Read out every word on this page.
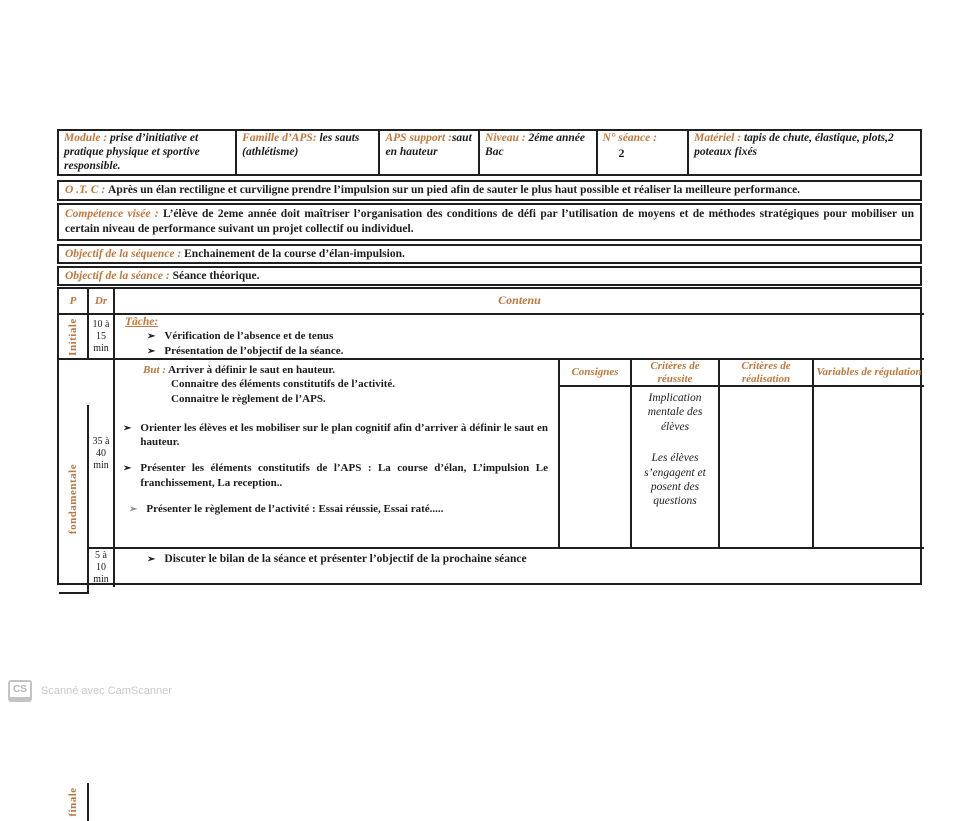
Module : prise d’initiative et pratique physique et sportive responsible.
Famille d’APS: les sauts (athlétisme)
APS support :saut en hauteur
Niveau : 2éme année Bac
N° séance :
2
Matériel : tapis de chute, élastique, plots,2 poteaux fixés
O .T. C : Après un élan rectiligne et curviligne prendre l’impulsion sur un pied afin de sauter le plus haut possible et réaliser la meilleure performance.
Compétence visée : L’élève de 2eme année doit maîtriser l’organisation des conditions de défi par l’utilisation de moyens et de méthodes stratégiques pour mobiliser un certain niveau de performance suivant un projet collectif ou individuel.
Objectif de la séquence : Enchainement de la course d’élan-impulsion.
Objectif de la séance : Séance théorique.
P Dr	Contenu
Initiale 10 à
15
min
Tâche:
➢ Vérification de l’absence et de tenus
➢ Présentation de l’objectif de la séance.
fondamentale
35 à
40
min
But : Arriver à définir le saut en hauteur.
Connaitre des éléments constitutifs de l’activité.
Connaitre le règlement de l’APS.
➢ Orienter les élèves et les mobiliser sur le plan cognitif afin d’arriver à définir le saut en hauteur.
➢ Présenter les éléments constitutifs de l’APS : La course d’élan, L’impulsion Le franchissement, La reception..
➢ Présenter le règlement de l’activité : Essai réussie, Essai raté.....
Consignes
Critères de réussite
Critères de réalisation
Variables de régulation
Implication mentale des élèves
Les élèves s’engagent et posent des questions
finale
5 à
10
min
➢ Discuter le bilan de la séance et présenter l’objectif de la prochaine séance
CS	Scanné avec CamScanner
